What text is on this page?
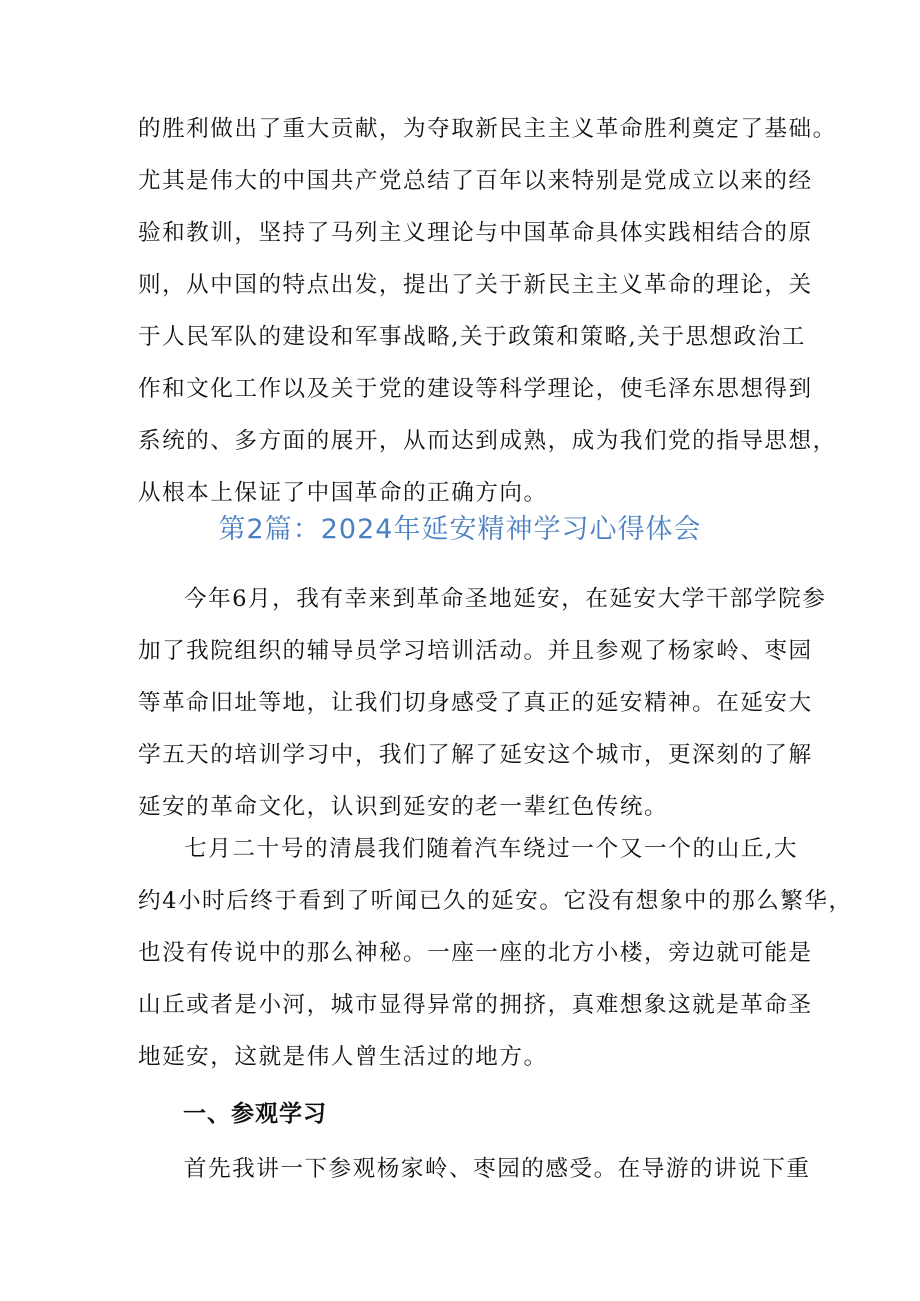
的胜利做出了重大贡献，为夺取新民主主义革命胜利奠定了基础。
尤其是伟大的中国共产党总结了百年以来特别是党成立以来的经
验和教训，坚持了马列主义理论与中国革命具体实践相结合的原
则，从中国的特点出发，提出了关于新民主主义革命的理论，关
于人民军队的建设和军事战略,关于政策和策略,关于思想政治工
作和文化工作以及关于党的建设等科学理论，使毛泽东思想得到
系统的、多方面的展开，从而达到成熟，成为我们党的指导思想，
从根本上保证了中国革命的正确方向。
第2篇：2024年延安精神学习心得体会
今年6月，我有幸来到革命圣地延安，在延安大学干部学院参
加了我院组织的辅导员学习培训活动。并且参观了杨家岭、枣园
等革命旧址等地，让我们切身感受了真正的延安精神。在延安大
学五天的培训学习中，我们了解了延安这个城市，更深刻的了解
延安的革命文化，认识到延安的老一辈红色传统。
七月二十号的清晨我们随着汽车绕过一个又一个的山丘,大
约4小时后终于看到了听闻已久的延安。它没有想象中的那么繁华，
也没有传说中的那么神秘。一座一座的北方小楼，旁边就可能是
山丘或者是小河，城市显得异常的拥挤，真难想象这就是革命圣
地延安，这就是伟人曾生活过的地方。
一、参观学习
首先我讲一下参观杨家岭、枣园的感受。在导游的讲说下重
